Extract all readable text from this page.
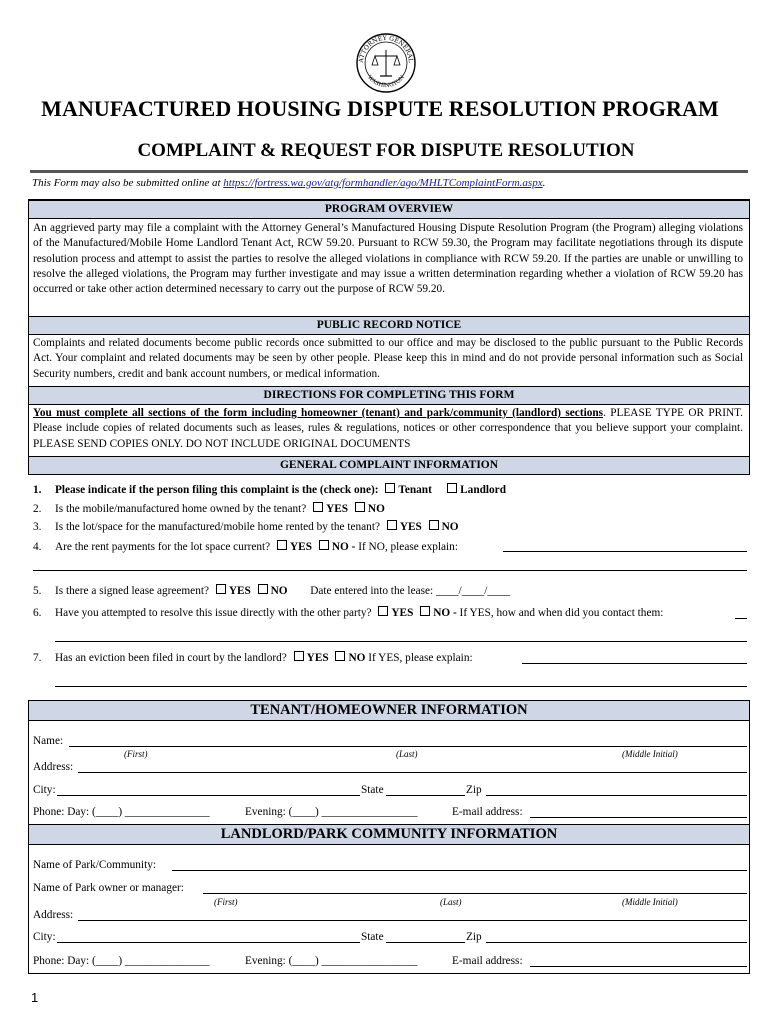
ATTORNEY GENERAL
WASHINGTON
MANUFACTURED HOUSING DISPUTE RESOLUTION PROGRAM
COMPLAINT & REQUEST FOR DISPUTE RESOLUTION
This Form may also be submitted online at https://fortress.wa.gov/atg/formhandler/ago/MHLTComplaintForm.aspx.
PROGRAM OVERVIEW
An aggrieved party may file a complaint with the Attorney General’s Manufactured Housing Dispute Resolution Program (the Program) alleging violations of the Manufactured/Mobile Home Landlord Tenant Act, RCW 59.20. Pursuant to RCW 59.30, the Program may facilitate negotiations through its dispute resolution process and attempt to assist the parties to resolve the alleged violations in compliance with RCW 59.20. If the parties are unable or unwilling to resolve the alleged violations, the Program may further investigate and may issue a written determination regarding whether a violation of RCW 59.20 has occurred or take other action determined necessary to carry out the purpose of RCW 59.20.
PUBLIC RECORD NOTICE
Complaints and related documents become public records once submitted to our office and may be disclosed to the public pursuant to the Public Records Act. Your complaint and related documents may be seen by other people. Please keep this in mind and do not provide personal information such as Social Security numbers, credit and bank account numbers, or medical information.
DIRECTIONS FOR COMPLETING THIS FORM
You must complete all sections of the form including homeowner (tenant) and park/community (landlord) sections. PLEASE TYPE OR PRINT. Please include copies of related documents such as leases, rules & regulations, notices or other correspondence that you believe support your complaint. PLEASE SEND COPIES ONLY. DO NOT INCLUDE ORIGINAL DOCUMENTS
GENERAL COMPLAINT INFORMATION
1. Please indicate if the person filing this complaint is the (check one): Tenant	Landlord
2. Is the mobile/manufactured home owned by the tenant? YES NO
3. Is the lot/space for the manufactured/mobile home rented by the tenant? YES NO
4. Are the rent payments for the lot space current? YES NO - If NO, please explain:
5. Is there a signed lease agreement? YES NO Date entered into the lease: ____/____/____
6. Have you attempted to resolve this issue directly with the other party? YES NO - If YES, how and when did you contact them:
7. Has an eviction been filed in court by the landlord? YES NO If YES, please explain:
TENANT/HOMEOWNER INFORMATION
Name:
(First)	(Last)	(Middle Initial)
Address:
City:	State	Zip
Phone: Day: (____) _______________	Evening: (____) _________________	E-mail address:
LANDLORD/PARK COMMUNITY INFORMATION
Name of Park/Community:
Name of Park owner or manager:
(First)	(Last)	(Middle Initial)
Address:
City:	State	Zip
Phone: Day: (____) _______________	Evening: (____) _________________	E-mail address:
1
